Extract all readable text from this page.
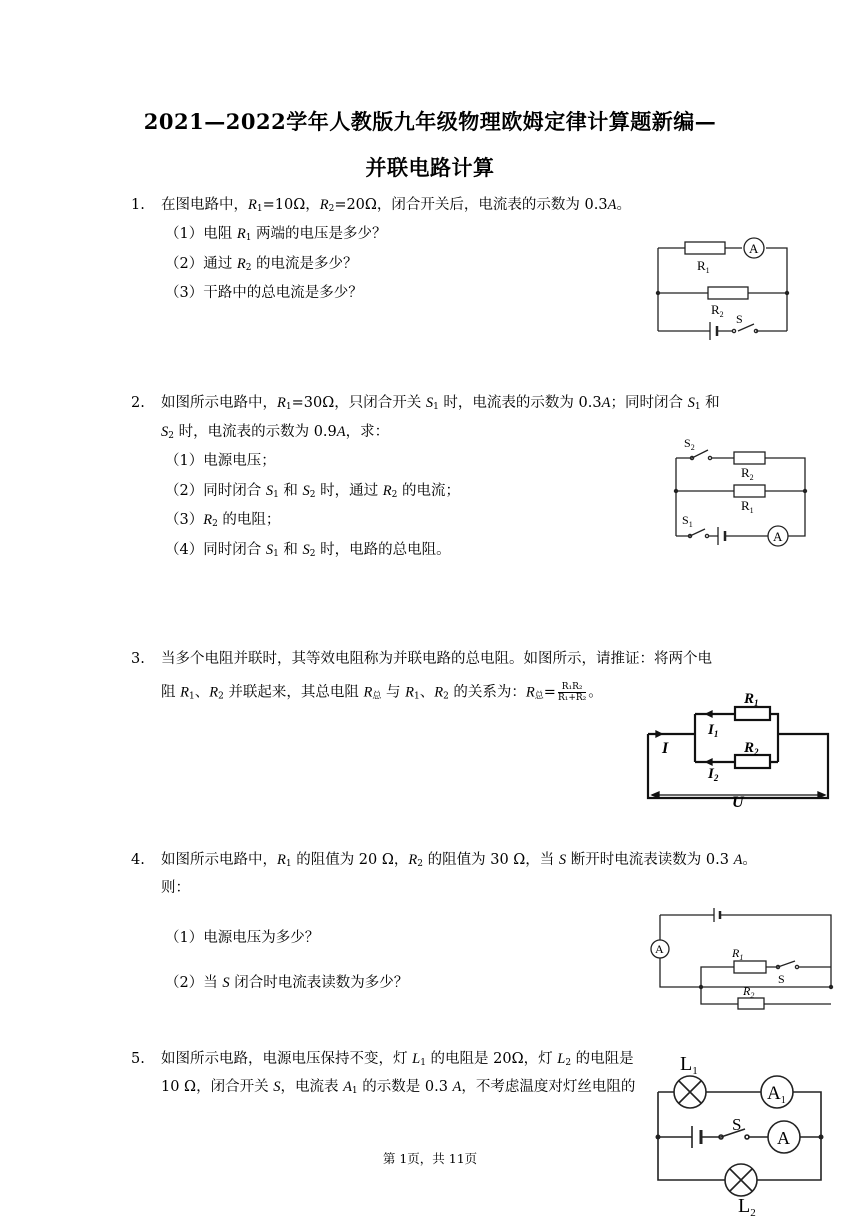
2021—2022学年人教版九年级物理欧姆定律计算题新编—
并联电路计算
1. 在图电路中，$R_1=10\Omega$，$R_2=20\Omega$，闭合开关后，电流表的示数为 0.3A。
（1）电阻 $R_1$ 两端的电压是多少？
（2）通过 $R_2$ 的电流是多少？
（3）干路中的总电流是多少？
A
$R_1$
$R_2$ S
2. 如图所示电路中，$R_1=30\Omega$，只闭合开关 $S_1$ 时，电流表的示数为 0.3A；同时闭合 $S_1$ 和
$S_2$ 时，电流表的示数为 0.9A，求：
（1）电源电压；
（2）同时闭合 $S_1$ 和 $S_2$ 时，通过 $R_2$ 的电流；
$(3)R_2$ 的电阻；
（4）同时闭合 $S_1$ 和 $S_2$ 时，电路的总电阻。
$S_2$
$R_2$
$R_1$
$S_1$
A
3. 当多个电阻并联时，其等效电阻称为并联电路的总电阻。如图所示，请推证：将两个电
阻 $R_1$、$R_2$ 并联起来，其总电阻 $R_总$ 与 $R_1$、$R_2$ 的关系为：$R_总= \frac{\text{R₁R₂}}{\text{R₁+R₂}}$ 。	$R_1$
$R_2$
$I_1$
$I_2$
I
U
4. 如图所示电路中，$R_1$ 的阻值为 20 Ω，$R_2$ 的阻值为 30 Ω，当 S 断开时电流表读数为 0.3 A。
则：
（1）电源电压为多少？
（2）当 S 闭合时电流表读数为多少？
A	$R_1$
S
$R_2$
5. 如图所示电路，电源电压保持不变，灯 $L_1$ 的电阻是 20Ω，灯 $L_2$ 的电阻是
10 Ω，闭合开关 S，电流表 $A_1$ 的示数是 0.3 A，不考虑温度对灯丝电阻的
$L_1$
$A_1$
S
A
$L_2$
第 1页，共 11页
